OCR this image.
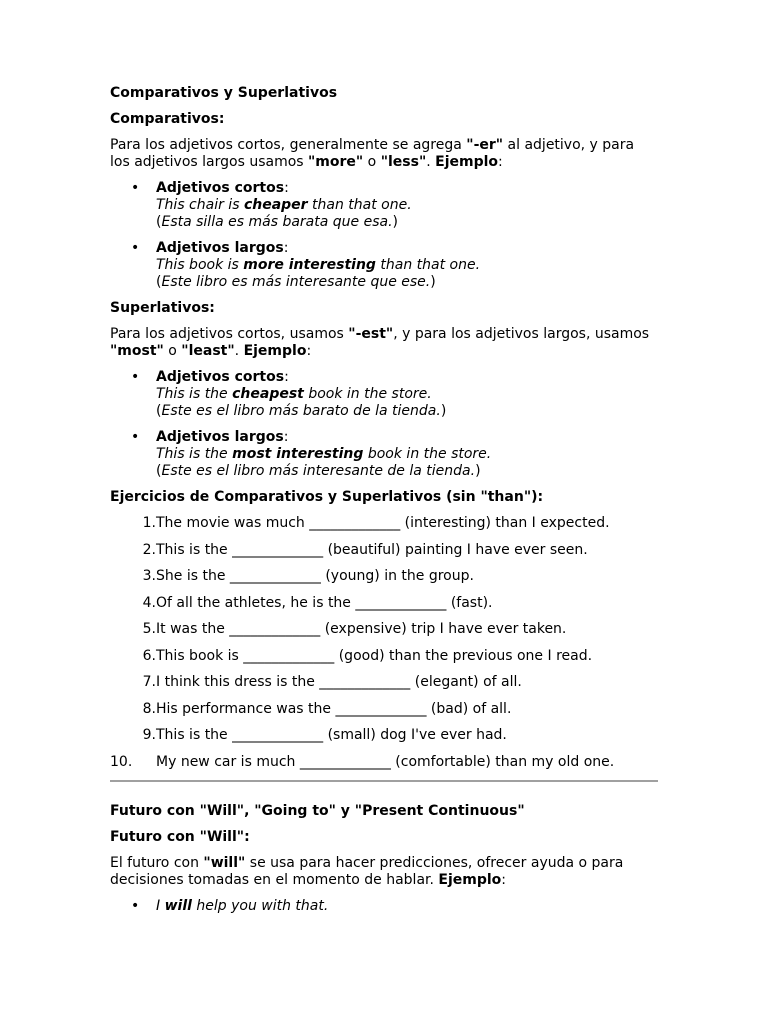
Comparativos y Superlativos
Comparativos:
Para los adjetivos cortos, generalmente se agrega "-er" al adjetivo, y para los adjetivos largos usamos "more" o "less". Ejemplo:
• Adjetivos cortos:
This chair is cheaper than that one.
(Esta silla es más barata que esa.)
• Adjetivos largos:
This book is more interesting than that one.
(Este libro es más interesante que ese.)
Superlativos:
Para los adjetivos cortos, usamos "-est", y para los adjetivos largos, usamos "most" o "least". Ejemplo:
• Adjetivos cortos:
This is the cheapest book in the store.
(Este es el libro más barato de la tienda.)
• Adjetivos largos:
This is the most interesting book in the store.
(Este es el libro más interesante de la tienda.)
Ejercicios de Comparativos y Superlativos (sin "than"):
1. The movie was much _____________ (interesting) than I expected.
2. This is the _____________ (beautiful) painting I have ever seen.
3. She is the _____________ (young) in the group.
4. Of all the athletes, he is the _____________ (fast).
5. It was the _____________ (expensive) trip I have ever taken.
6. This book is _____________ (good) than the previous one I read.
7. I think this dress is the _____________ (elegant) of all.
8. His performance was the _____________ (bad) of all.
9. This is the _____________ (small) dog I've ever had.
10.	My new car is much _____________ (comfortable) than my old one.
Futuro con "Will", "Going to" y "Present Continuous"
Futuro con "Will":
El futuro con "will" se usa para hacer predicciones, ofrecer ayuda o para decisiones tomadas en el momento de hablar. Ejemplo:
• I will help you with that.
